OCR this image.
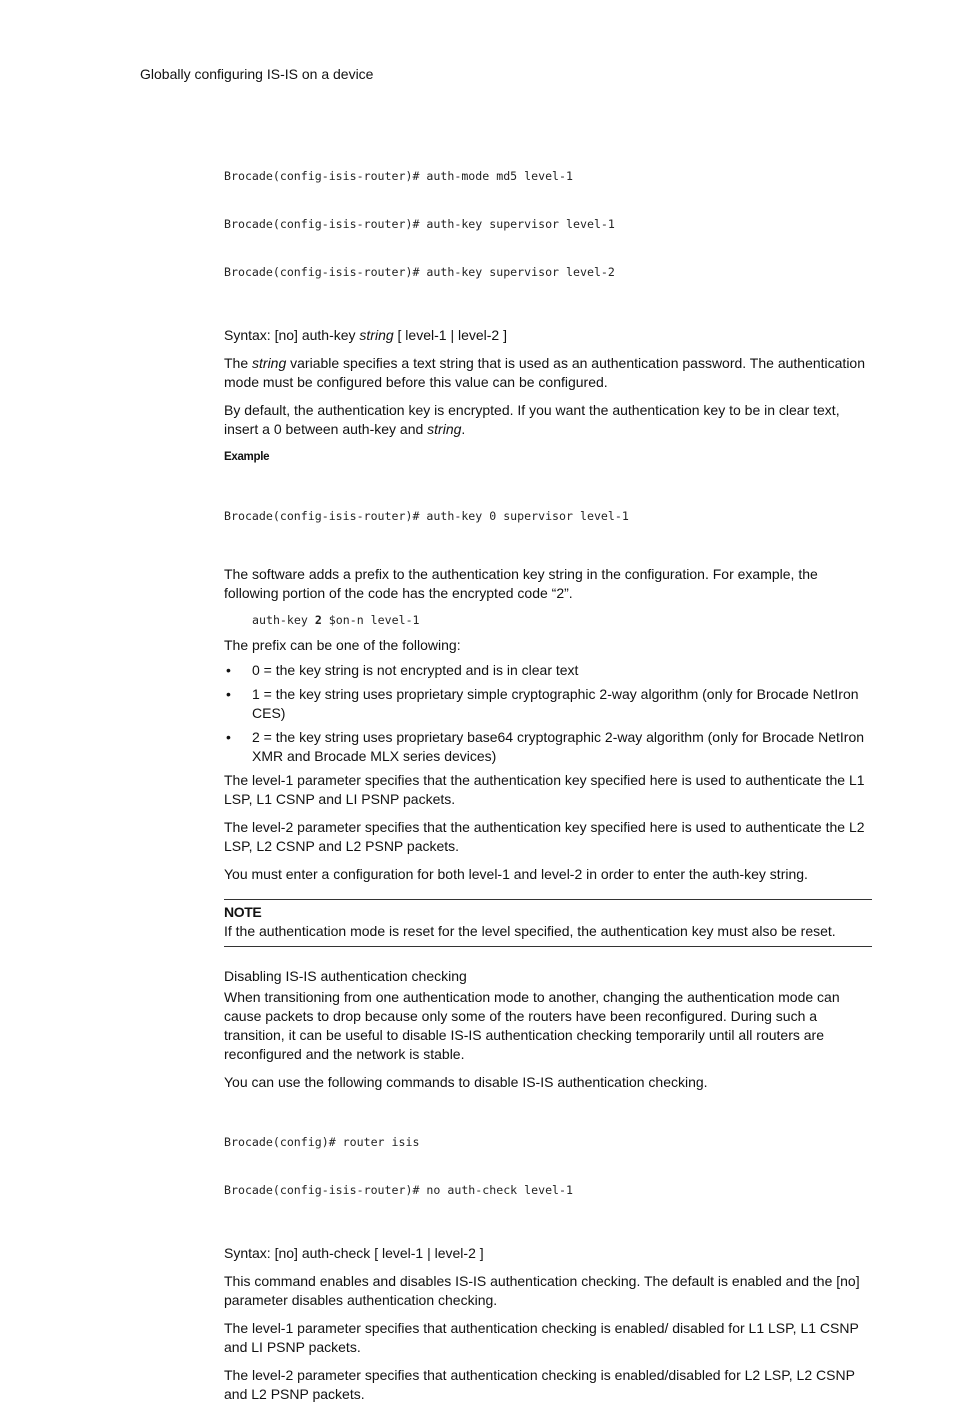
Globally configuring IS-IS on a device

Brocade(config-isis-router)# auth-mode md5 level-1

Brocade(config-isis-router)# auth-key supervisor level-1

Brocade(config-isis-router)# auth-key supervisor level-2

Syntax: [no] auth-key string [ level-1 | level-2 ]

The string variable specifies a text string that is used as an authentication password. The authentication mode must be configured before this value can be configured.

By default, the authentication key is encrypted. If you want the authentication key to be in clear text, insert a 0 between auth-key and string.

Example

Brocade(config-isis-router)# auth-key 0 supervisor level-1

The software adds a prefix to the authentication key string in the configuration. For example, the following portion of the code has the encrypted code “2”.

auth-key 2 $on-n level-1

The prefix can be one of the following:

• 0 = the key string is not encrypted and is in clear text
• 1 = the key string uses proprietary simple cryptographic 2-way algorithm (only for Brocade NetIron CES)
• 2 = the key string uses proprietary base64 cryptographic 2-way algorithm (only for Brocade NetIron XMR and Brocade MLX series devices)

The level-1 parameter specifies that the authentication key specified here is used to authenticate the L1 LSP, L1 CSNP and LI PSNP packets.

The level-2 parameter specifies that the authentication key specified here is used to authenticate the L2 LSP, L2 CSNP and L2 PSNP packets.

You must enter a configuration for both level-1 and level-2 in order to enter the auth-key string.

NOTE
If the authentication mode is reset for the level specified, the authentication key must also be reset.
Disabling IS-IS authentication checking

When transitioning from one authentication mode to another, changing the authentication mode can cause packets to drop because only some of the routers have been reconfigured. During such a transition, it can be useful to disable IS-IS authentication checking temporarily until all routers are reconfigured and the network is stable.

You can use the following commands to disable IS-IS authentication checking.

Brocade(config)# router isis

Brocade(config-isis-router)# no auth-check level-1

Syntax: [no] auth-check [ level-1 | level-2 ]

This command enables and disables IS-IS authentication checking. The default is enabled and the [no] parameter disables authentication checking.

The level-1 parameter specifies that authentication checking is enabled/ disabled for L1 LSP, L1 CSNP and LI PSNP packets.

The level-2 parameter specifies that authentication checking is enabled/disabled for L2 LSP, L2 CSNP and L2 PSNP packets.
